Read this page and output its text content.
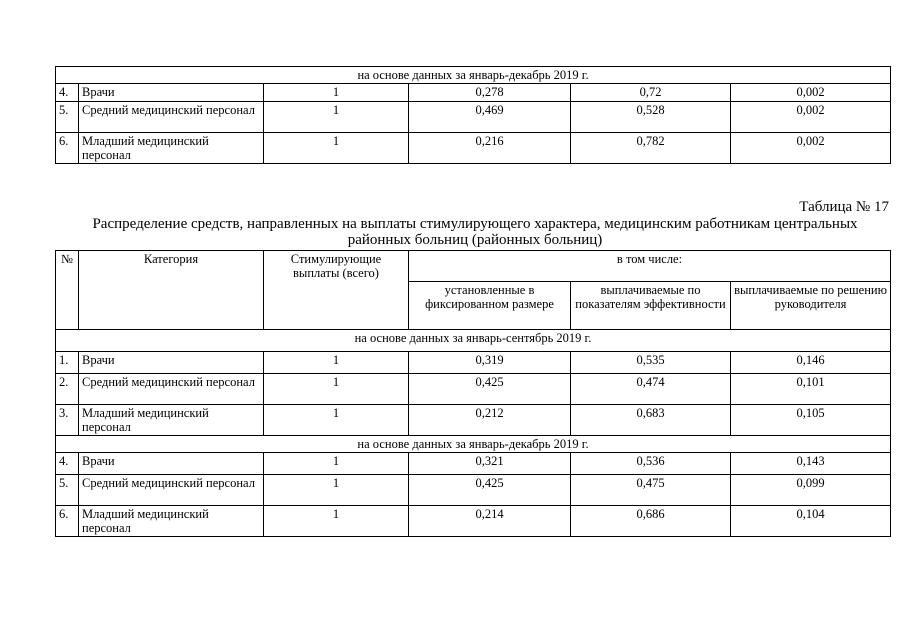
на основе данных за январь-декабрь 2019 г.					
4.	Врачи	1	0,278	0,72	0,002
5.	Средний медицинский персонал	1	0,469	0,528	0,002
6.	Младший медицинский персонал	1	0,216	0,782	0,002
Таблица № 17
Распределение средств, направленных на выплаты стимулирующего характера, медицинским работникам центральных районных больниц (районных больниц)
№	Категория	Стимулирующие выплаты (всего)	в том числе:		
			установленные в фиксированном размере	выплачиваемые по показателям эффективности	выплачиваемые по решению руководителя
на основе данных за январь-сентябрь 2019 г.					
1.	Врачи	1	0,319	0,535	0,146
2.	Средний медицинский персонал	1	0,425	0,474	0,101
3.	Младший медицинский персонал	1	0,212	0,683	0,105
на основе данных за январь-декабрь 2019 г.					
4.	Врачи	1	0,321	0,536	0,143
5.	Средний медицинский персонал	1	0,425	0,475	0,099
6.	Младший медицинский персонал	1	0,214	0,686	0,104
